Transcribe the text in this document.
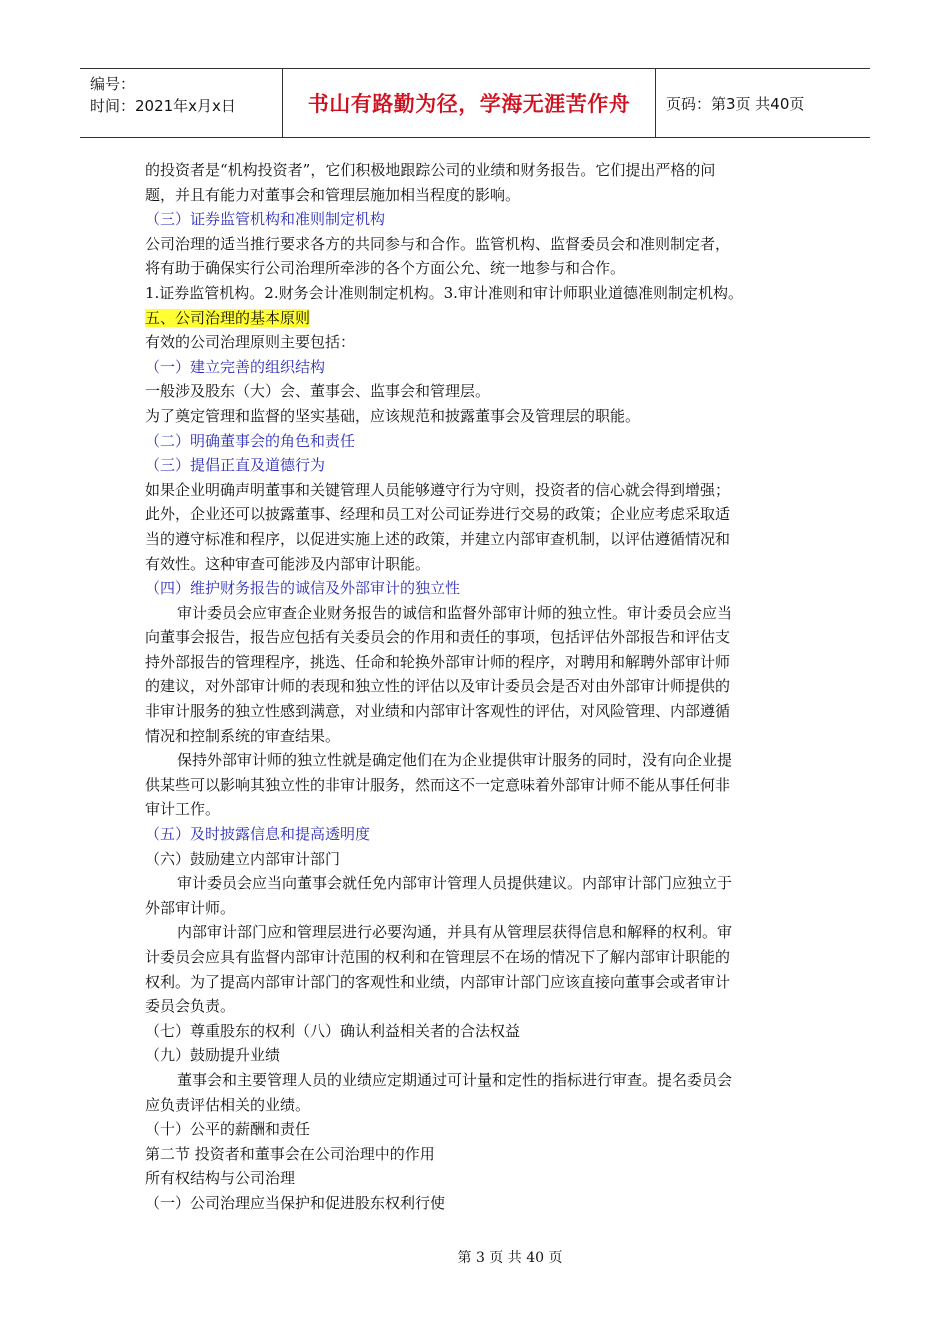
编号：
时间：2021年x月x日	书山有路勤为径，学海无涯苦作舟	页码：第3页 共40页

的投资者是“机构投资者”，它们积极地跟踪公司的业绩和财务报告。它们提出严格的问

题，并且有能力对董事会和管理层施加相当程度的影响。

（三）证券监管机构和准则制定机构

公司治理的适当推行要求各方的共同参与和合作。监管机构、监督委员会和准则制定者，

将有助于确保实行公司治理所牵涉的各个方面公允、统一地参与和合作。

1.证券监管机构。2.财务会计准则制定机构。3.审计准则和审计师职业道德准则制定机构。

五、公司治理的基本原则

有效的公司治理原则主要包括：

（一）建立完善的组织结构

一般涉及股东（大）会、董事会、监事会和管理层。

为了奠定管理和监督的坚实基础，应该规范和披露董事会及管理层的职能。

（二）明确董事会的角色和责任

（三）提倡正直及道德行为

如果企业明确声明董事和关键管理人员能够遵守行为守则，投资者的信心就会得到增强；

此外，企业还可以披露董事、经理和员工对公司证券进行交易的政策；企业应考虑采取适

当的遵守标准和程序，以促进实施上述的政策，并建立内部审查机制，以评估遵循情况和

有效性。这种审查可能涉及内部审计职能。

（四）维护财务报告的诚信及外部审计的独立性

审计委员会应审查企业财务报告的诚信和监督外部审计师的独立性。审计委员会应当

向董事会报告，报告应包括有关委员会的作用和责任的事项，包括评估外部报告和评估支

持外部报告的管理程序，挑选、任命和轮换外部审计师的程序，对聘用和解聘外部审计师

的建议，对外部审计师的表现和独立性的评估以及审计委员会是否对由外部审计师提供的

非审计服务的独立性感到满意，对业绩和内部审计客观性的评估，对风险管理、内部遵循

情况和控制系统的审查结果。

保持外部审计师的独立性就是确定他们在为企业提供审计服务的同时，没有向企业提

供某些可以影响其独立性的非审计服务，然而这不一定意味着外部审计师不能从事任何非

审计工作。

（五）及时披露信息和提高透明度

（六）鼓励建立内部审计部门

审计委员会应当向董事会就任免内部审计管理人员提供建议。内部审计部门应独立于

外部审计师。

内部审计部门应和管理层进行必要沟通，并具有从管理层获得信息和解释的权利。审

计委员会应具有监督内部审计范围的权利和在管理层不在场的情况下了解内部审计职能的

权利。为了提高内部审计部门的客观性和业绩，内部审计部门应该直接向董事会或者审计

委员会负责。

（七）尊重股东的权利（八）确认利益相关者的合法权益

（九）鼓励提升业绩

董事会和主要管理人员的业绩应定期通过可计量和定性的指标进行审查。提名委员会

应负责评估相关的业绩。

（十）公平的薪酬和责任

第二节 投资者和董事会在公司治理中的作用

所有权结构与公司治理

（一）公司治理应当保护和促进股东权利行使

第 3 页 共 40 页
